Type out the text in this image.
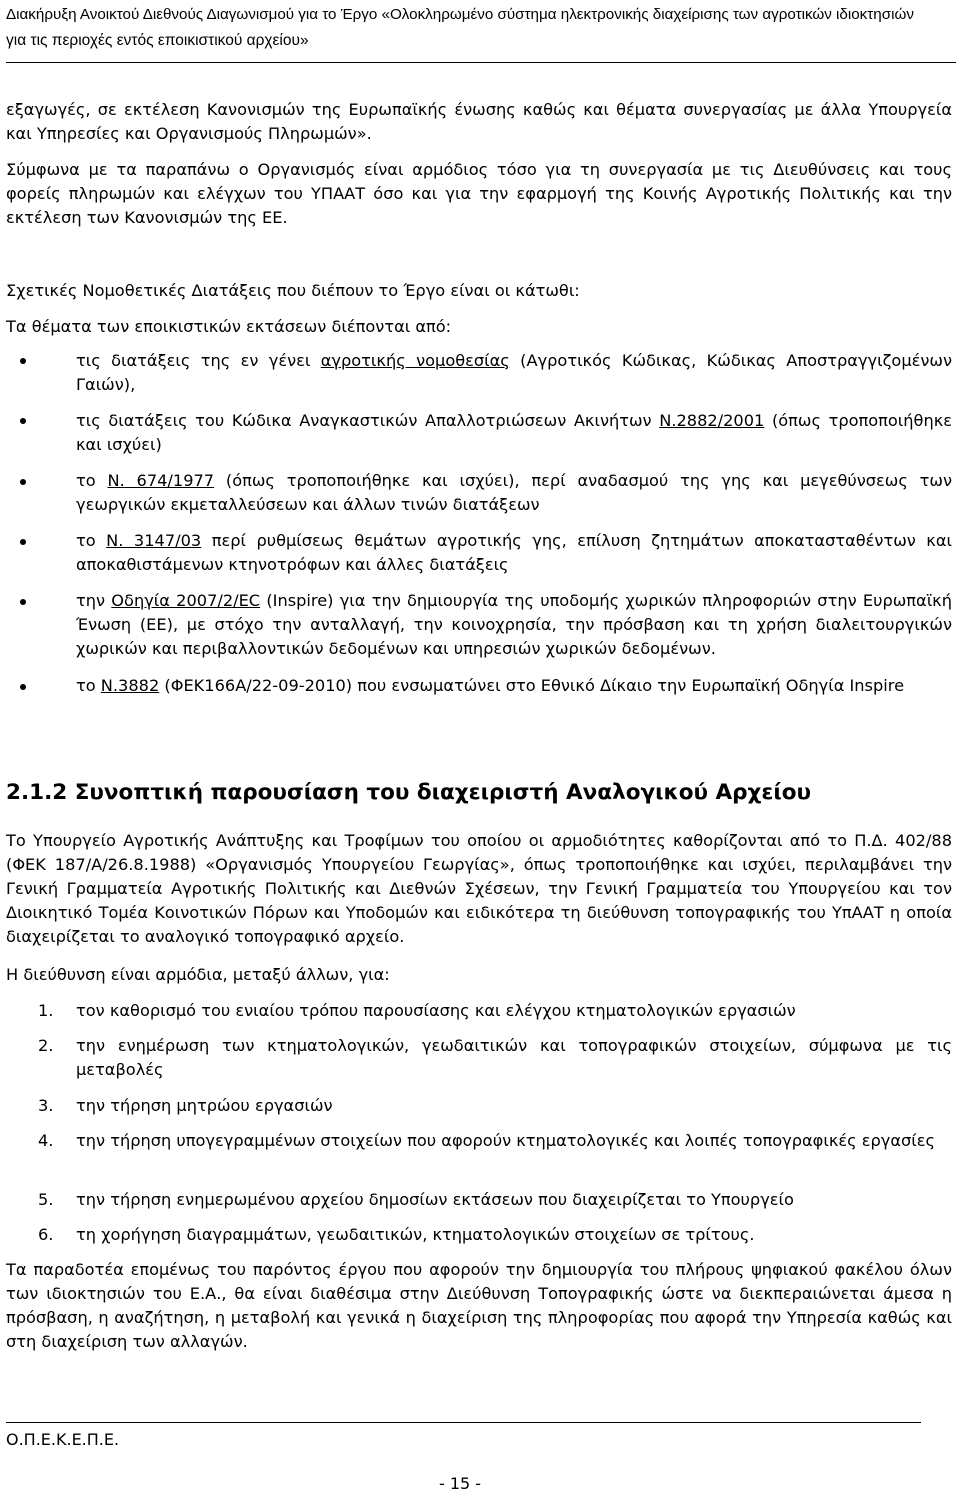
Διακήρυξη Ανοικτού Διεθνούς Διαγωνισμού για το Έργο «Ολοκληρωμένο σύστημα ηλεκτρονικής διαχείρισης των αγροτικών ιδιοκτησιών
για τις περιοχές εντός εποικιστικού αρχείου»

εξαγωγές, σε εκτέλεση Κανονισμών της Ευρωπαϊκής ένωσης καθώς και θέματα συνεργασίας με άλλα Υπουργεία και Υπηρεσίες και Οργανισμούς Πληρωμών».

Σύμφωνα με τα παραπάνω ο Οργανισμός είναι αρμόδιος τόσο για τη συνεργασία με τις Διευθύνσεις και τους φορείς πληρωμών και ελέγχων του ΥΠΑΑΤ όσο και για την εφαρμογή της Κοινής Αγροτικής Πολιτικής και την εκτέλεση των Κανονισμών της ΕΕ.

Σχετικές Νομοθετικές Διατάξεις που διέπουν το Έργο είναι οι κάτωθι:

Τα θέματα των εποικιστικών εκτάσεων διέπονται από:

τις διατάξεις της εν γένει αγροτικής νομοθεσίας (Αγροτικός Κώδικας, Κώδικας Αποστραγγιζομένων Γαιών),

τις διατάξεις του Κώδικα Αναγκαστικών Απαλλοτριώσεων Ακινήτων Ν.2882/2001 (όπως τροποποιήθηκε και ισχύει)

το Ν. 674/1977 (όπως τροποποιήθηκε και ισχύει), περί αναδασμού της γης και μεγεθύνσεως των γεωργικών εκμεταλλεύσεων και άλλων τινών διατάξεων

το Ν. 3147/03 περί ρυθμίσεως θεμάτων αγροτικής γης, επίλυση ζητημάτων αποκατασταθέντων και αποκαθιστάμενων κτηνοτρόφων και άλλες διατάξεις

την Οδηγία 2007/2/ΕC (Inspire) για την δημιουργία της υποδομής χωρικών πληροφοριών στην Ευρωπαϊκή Ένωση (ΕΕ), με στόχο την ανταλλαγή, την κοινοχρησία, την πρόσβαση και τη χρήση διαλειτουργικών χωρικών και περιβαλλοντικών δεδομένων και υπηρεσιών χωρικών δεδομένων.

το Ν.3882 (ΦΕΚ166Α/22-09-2010) που ενσωματώνει στο Εθνικό Δίκαιο την Ευρωπαϊκή Οδηγία Inspire

2.1.2 Συνοπτική παρουσίαση του διαχειριστή Αναλογικού Αρχείου

Το Υπουργείο Αγροτικής Ανάπτυξης και Τροφίμων του οποίου οι αρμοδιότητες καθορίζονται από το Π.Δ. 402/88 (ΦΕΚ 187/Α/26.8.1988) «Οργανισμός Υπουργείου Γεωργίας», όπως τροποποιήθηκε και ισχύει, περιλαμβάνει την Γενική Γραμματεία Αγροτικής Πολιτικής και Διεθνών Σχέσεων, την Γενική Γραμματεία του Υπουργείου και τον Διοικητικό Τομέα Κοινοτικών Πόρων και Υποδομών και ειδικότερα τη διεύθυνση τοπογραφικής του ΥπΑΑΤ η οποία διαχειρίζεται το αναλογικό τοπογραφικό αρχείο.

Η διεύθυνση είναι αρμόδια, μεταξύ άλλων, για:

1. τον καθορισμό του ενιαίου τρόπου παρουσίασης και ελέγχου κτηματολογικών εργασιών

2. την ενημέρωση των κτηματολογικών, γεωδαιτικών και τοπογραφικών στοιχείων, σύμφωνα με τις μεταβολές

3. την τήρηση μητρώου εργασιών

4. την τήρηση υπογεγραμμένων στοιχείων που αφορούν κτηματολογικές και λοιπές τοπογραφικές εργασίες

5. την τήρηση ενημερωμένου αρχείου δημοσίων εκτάσεων που διαχειρίζεται το Υπουργείο

6. τη χορήγηση διαγραμμάτων, γεωδαιτικών, κτηματολογικών στοιχείων σε τρίτους.

Τα παραδοτέα επομένως του παρόντος έργου που αφορούν την δημιουργία του πλήρους ψηφιακού φακέλου όλων των ιδιοκτησιών του Ε.Α., θα είναι διαθέσιμα στην Διεύθυνση Τοπογραφικής ώστε να διεκπεραιώνεται άμεσα η πρόσβαση, η αναζήτηση, η μεταβολή και γενικά η διαχείριση της πληροφορίας που αφορά την Υπηρεσία καθώς και στη διαχείριση των αλλαγών.

Ο.Π.Ε.Κ.Ε.Π.Ε.
- 15 -
